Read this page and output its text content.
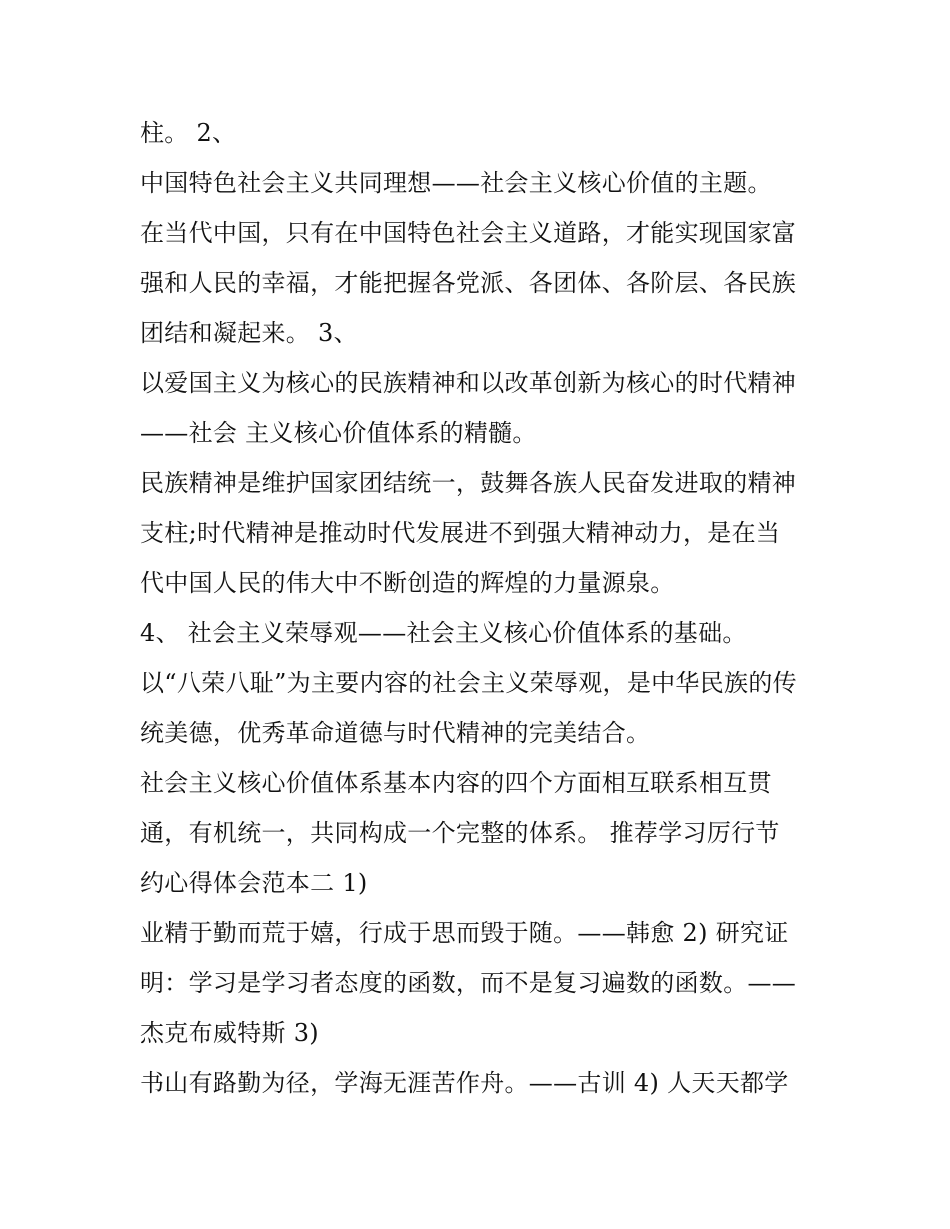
柱。 2、
中国特色社会主义共同理想——社会主义核心价值的主题。
在当代中国，只有在中国特色社会主义道路，才能实现国家富
强和人民的幸福，才能把握各党派、各团体、各阶层、各民族
团结和凝起来。 3、
以爱国主义为核心的民族精神和以改革创新为核心的时代精神
——社会 主义核心价值体系的精髓。
民族精神是维护国家团结统一，鼓舞各族人民奋发进取的精神
支柱;时代精神是推动时代发展进不到强大精神动力，是在当
代中国人民的伟大中不断创造的辉煌的力量源泉。
4、 社会主义荣辱观——社会主义核心价值体系的基础。
以“八荣八耻”为主要内容的社会主义荣辱观，是中华民族的传
统美德，优秀革命道德与时代精神的完美结合。
社会主义核心价值体系基本内容的四个方面相互联系相互贯
通，有机统一，共同构成一个完整的体系。 推荐学习厉行节
约心得体会范本二 1)
业精于勤而荒于嬉，行成于思而毁于随。——韩愈 2) 研究证
明：学习是学习者态度的函数，而不是复习遍数的函数。——
杰克布威特斯 3)
书山有路勤为径，学海无涯苦作舟。——古训 4) 人天天都学
